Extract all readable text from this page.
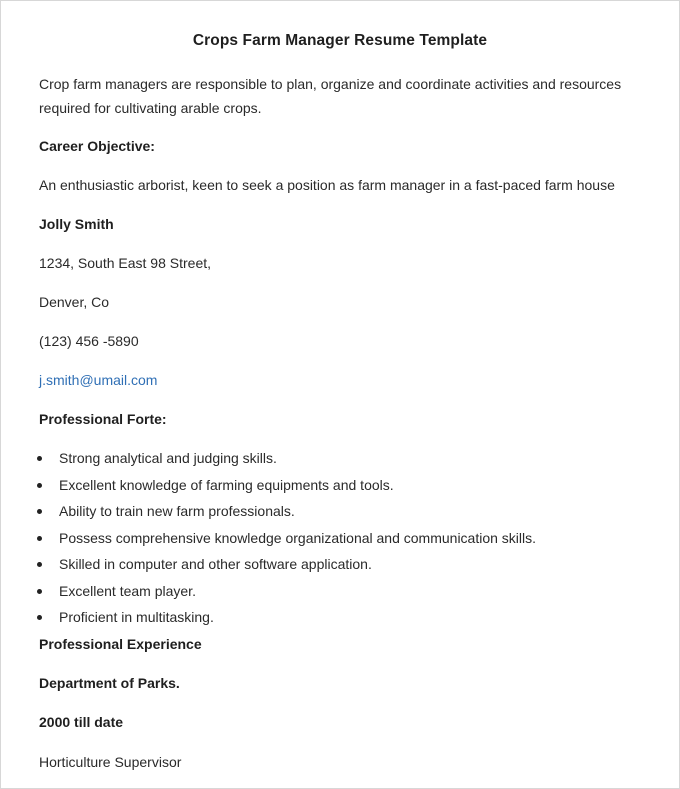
Crops Farm Manager Resume Template
Crop farm managers are responsible to plan, organize and coordinate activities and resources required for cultivating arable crops.
Career Objective:
An enthusiastic arborist, keen to seek a position as farm manager in a fast-paced farm house
Jolly Smith
1234, South East 98 Street,
Denver, Co
(123) 456 -5890
j.smith@umail.com
Professional Forte:
Strong analytical and judging skills.
Excellent knowledge of farming equipments and tools.
Ability to train new farm professionals.
Possess comprehensive knowledge organizational and communication skills.
Skilled in computer and other software application.
Excellent team player.
Proficient in multitasking.
Professional Experience
Department of Parks.
2000 till date
Horticulture Supervisor
